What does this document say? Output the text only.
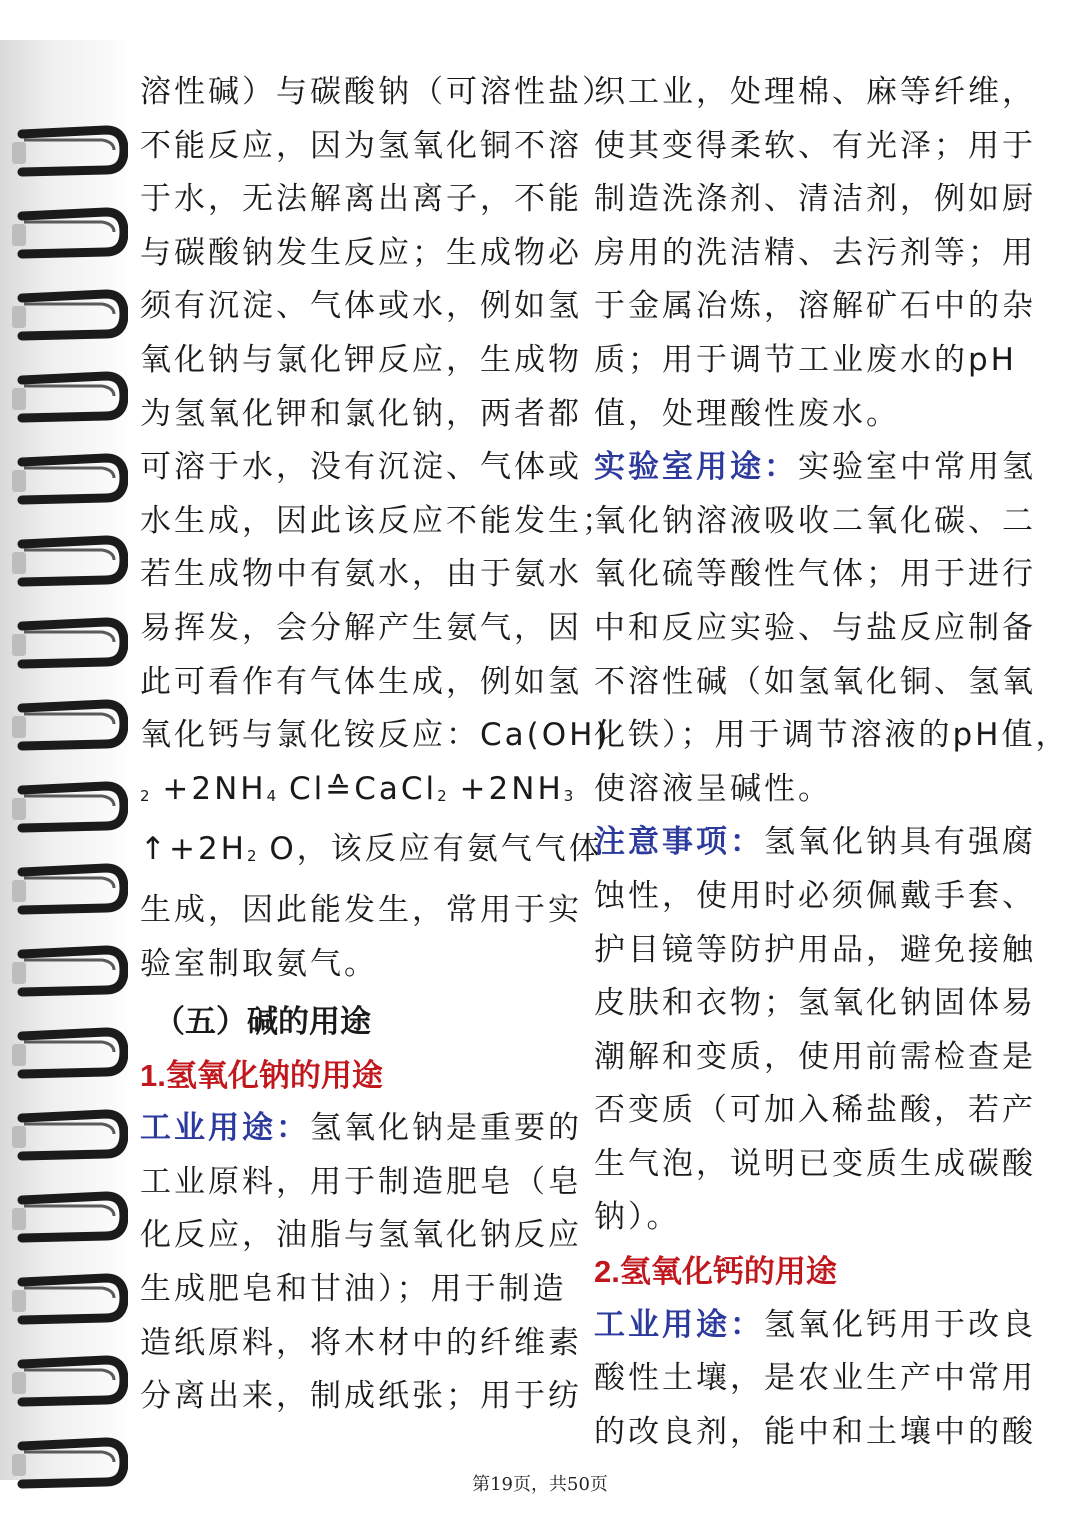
溶性碱）与碳酸钠（可溶性盐）

不能反应，因为氢氧化铜不溶

于水，无法解离出离子，不能

与碳酸钠发生反应；生成物必

须有沉淀、气体或水，例如氢

氧化钠与氯化钾反应，生成物

为氢氧化钾和氯化钠，两者都

可溶于水，没有沉淀、气体或

水生成，因此该反应不能发生；

若生成物中有氨水，由于氨水

易挥发，会分解产生氨气，因

此可看作有气体生成，例如氢

氧化钙与氯化铵反应：Ca(OH)

2 +2NH4 Cl≙CaCl2 +2NH3

↑+2H2 O，该反应有氨气气体

生成，因此能发生，常用于实

验室制取氨气。

（五）碱的用途

1.氢氧化钠的用途

工业用途：氢氧化钠是重要的

工业原料，用于制造肥皂（皂

化反应，油脂与氢氧化钠反应

生成肥皂和甘油）；用于制造

造纸原料，将木材中的纤维素

分离出来，制成纸张；用于纺

织工业，处理棉、麻等纤维，

使其变得柔软、有光泽；用于

制造洗涤剂、清洁剂，例如厨

房用的洗洁精、去污剂等；用

于金属冶炼，溶解矿石中的杂

质；用于调节工业废水的pH

值，处理酸性废水。

实验室用途：实验室中常用氢

氧化钠溶液吸收二氧化碳、二

氧化硫等酸性气体；用于进行

中和反应实验、与盐反应制备

不溶性碱（如氢氧化铜、氢氧

化铁）；用于调节溶液的pH值，

使溶液呈碱性。

注意事项：氢氧化钠具有强腐

蚀性，使用时必须佩戴手套、

护目镜等防护用品，避免接触

皮肤和衣物；氢氧化钠固体易

潮解和变质，使用前需检查是

否变质（可加入稀盐酸，若产

生气泡，说明已变质生成碳酸

钠）。

2.氢氧化钙的用途

工业用途：氢氧化钙用于改良

酸性土壤，是农业生产中常用

的改良剂，能中和土壤中的酸

第19页，共50页
